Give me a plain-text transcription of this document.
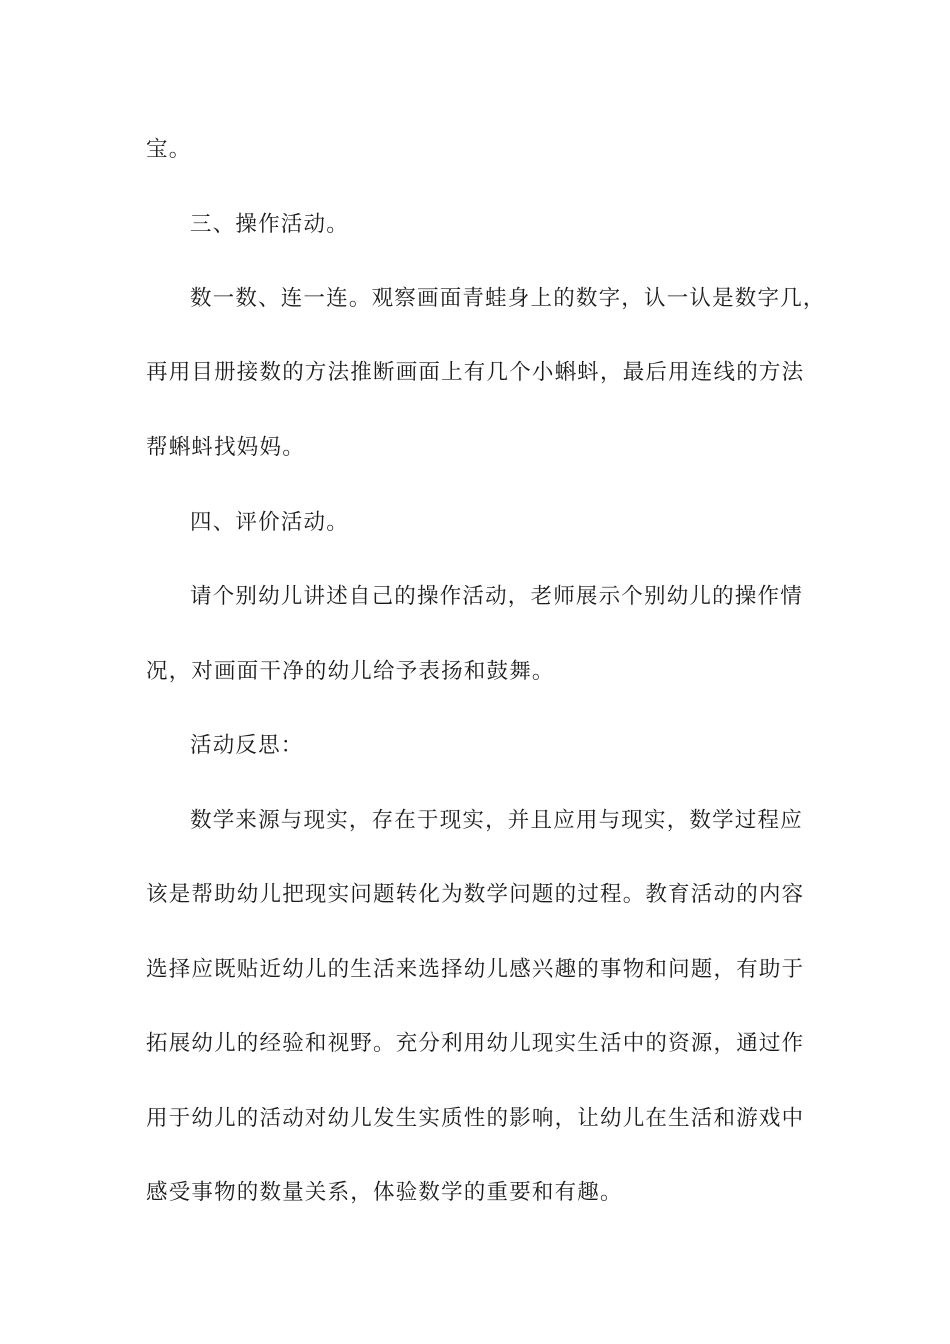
宝。
三、操作活动。
数一数、连一连。观察画面青蛙身上的数字，认一认是数字几，
再用目册接数的方法推断画面上有几个小蝌蚪，最后用连线的方法
帮蝌蚪找妈妈。
四、评价活动。
请个别幼儿讲述自己的操作活动，老师展示个别幼儿的操作情
况，对画面干净的幼儿给予表扬和鼓舞。
活动反思：
数学来源与现实，存在于现实，并且应用与现实，数学过程应
该是帮助幼儿把现实问题转化为数学问题的过程。教育活动的内容
选择应既贴近幼儿的生活来选择幼儿感兴趣的事物和问题，有助于
拓展幼儿的经验和视野。充分利用幼儿现实生活中的资源，通过作
用于幼儿的活动对幼儿发生实质性的影响，让幼儿在生活和游戏中
感受事物的数量关系，体验数学的重要和有趣。
